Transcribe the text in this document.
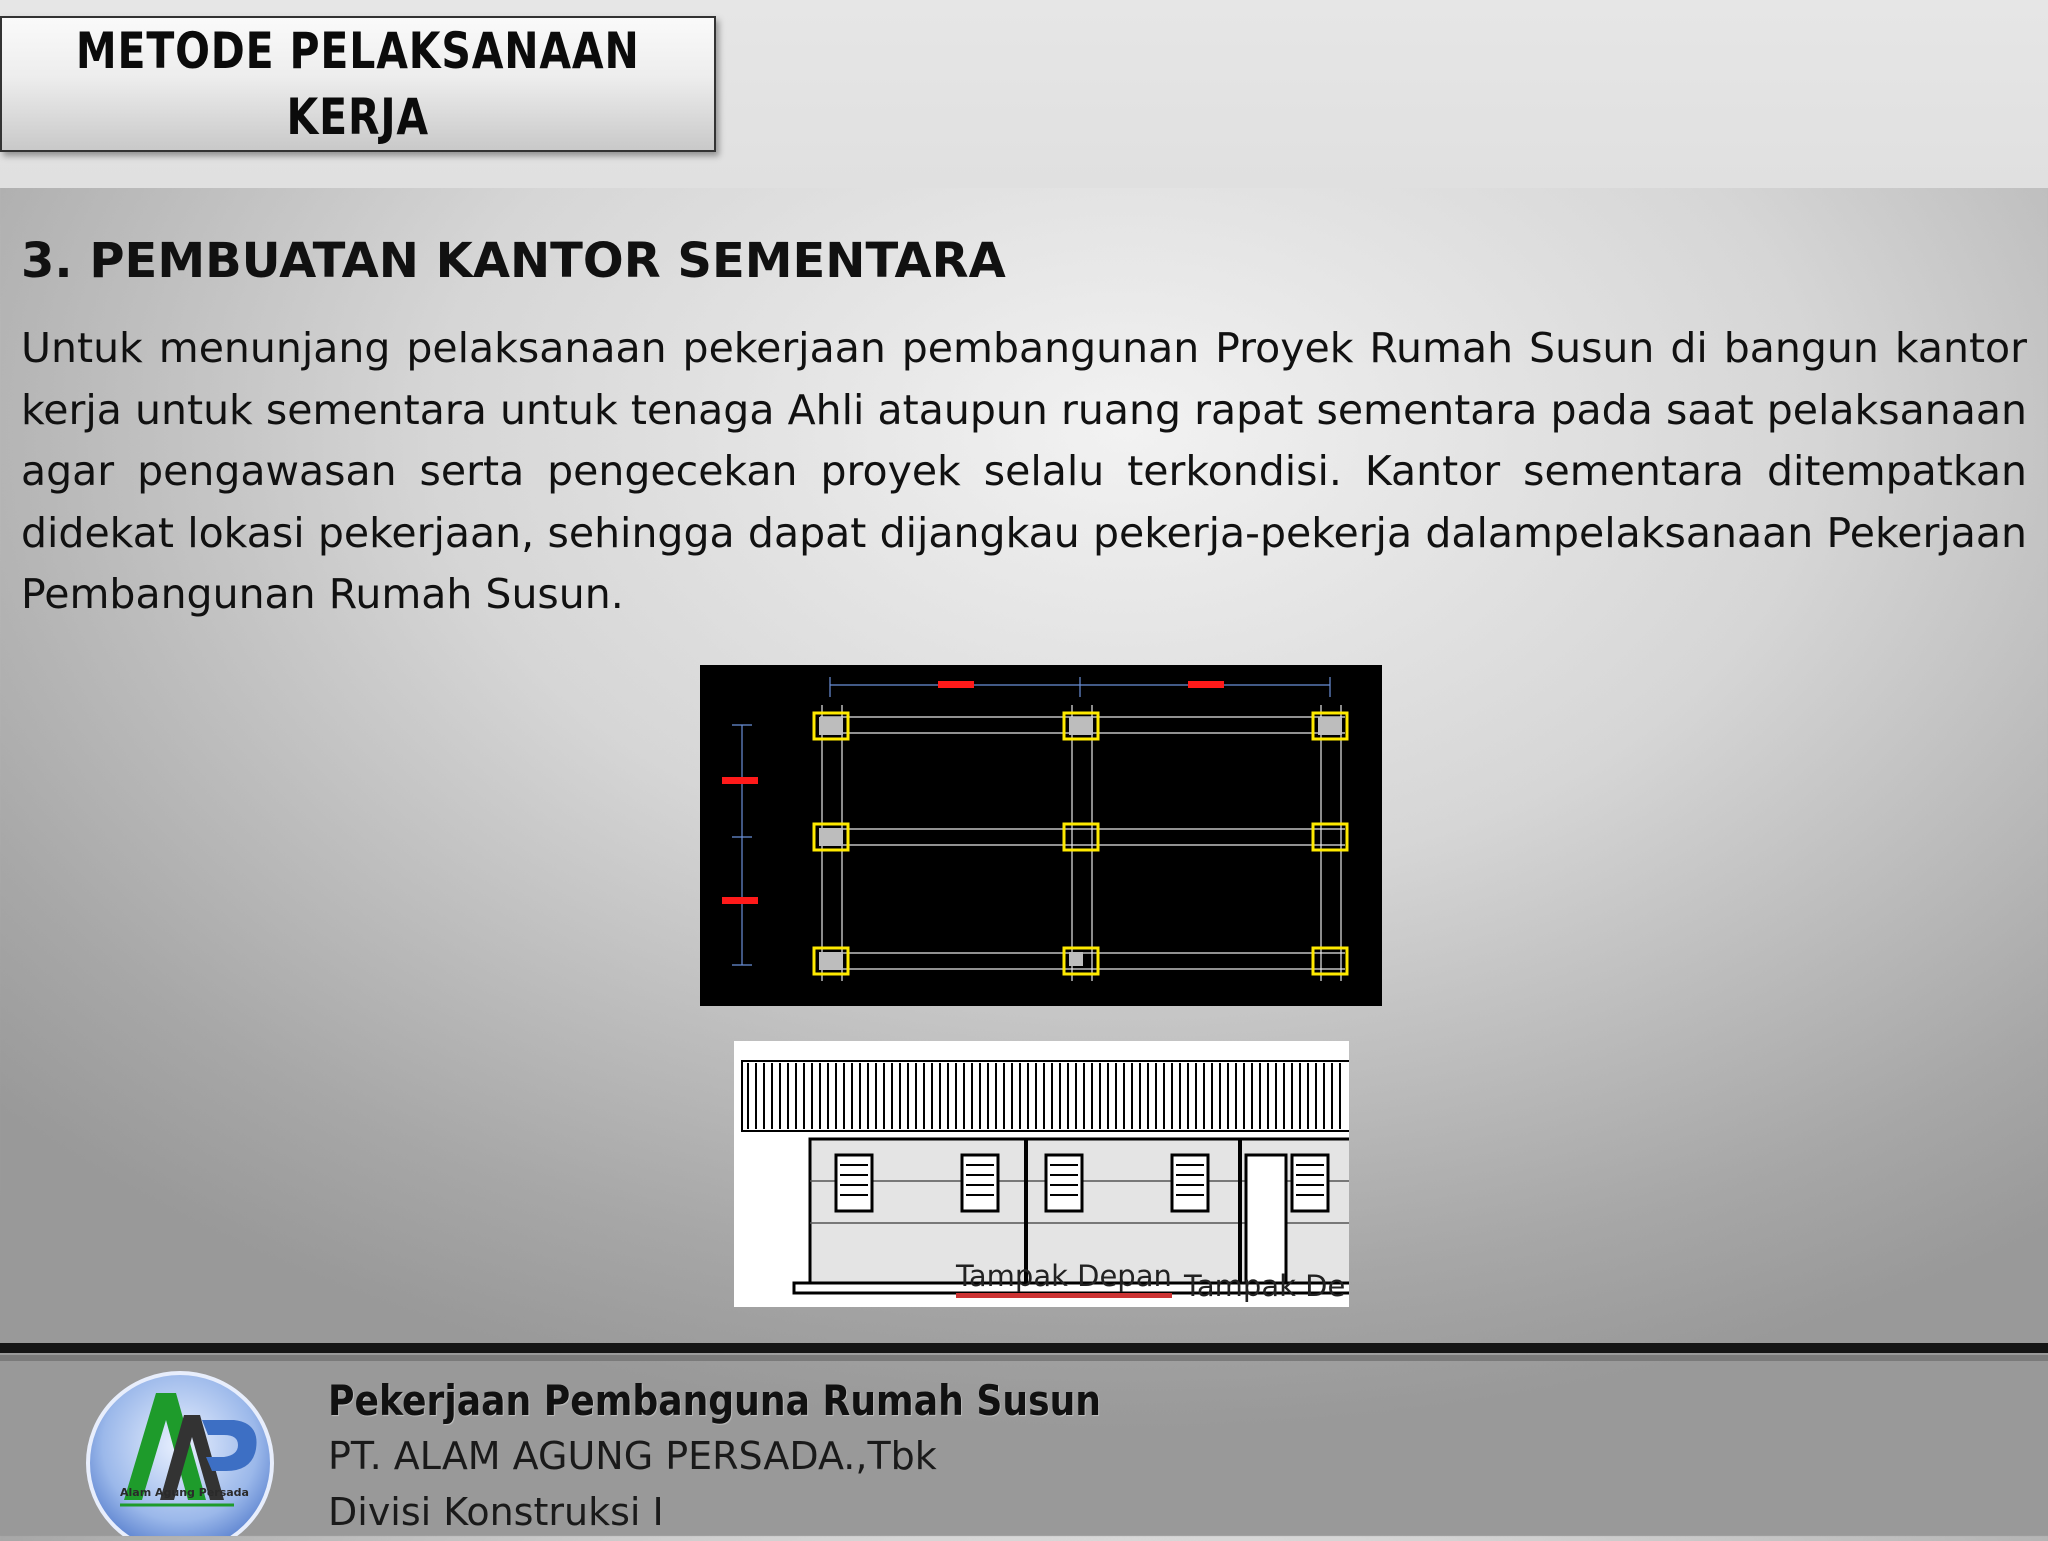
METODE PELAKSANAAN
KERJA
3. PEMBUATAN KANTOR SEMENTARA

Untuk menunjang pelaksanaan pekerjaan pembangunan Proyek Rumah Susun di bangun kantor kerja untuk sementara untuk tenaga Ahli ataupun ruang rapat sementara pada saat pelaksanaan agar pengawasan serta pengecekan proyek selalu terkondisi. Kantor sementara ditempatkan didekat lokasi pekerjaan, sehingga dapat dijangkau pekerja-pekerja dalampelaksanaan Pekerjaan Pembangunan Rumah Susun.

Tampak Depan Tampak De
Alam Agung Persada
Pekerjaan Pembanguna Rumah Susun

PT. ALAM AGUNG PERSADA.,Tbk

Divisi Konstruksi I
